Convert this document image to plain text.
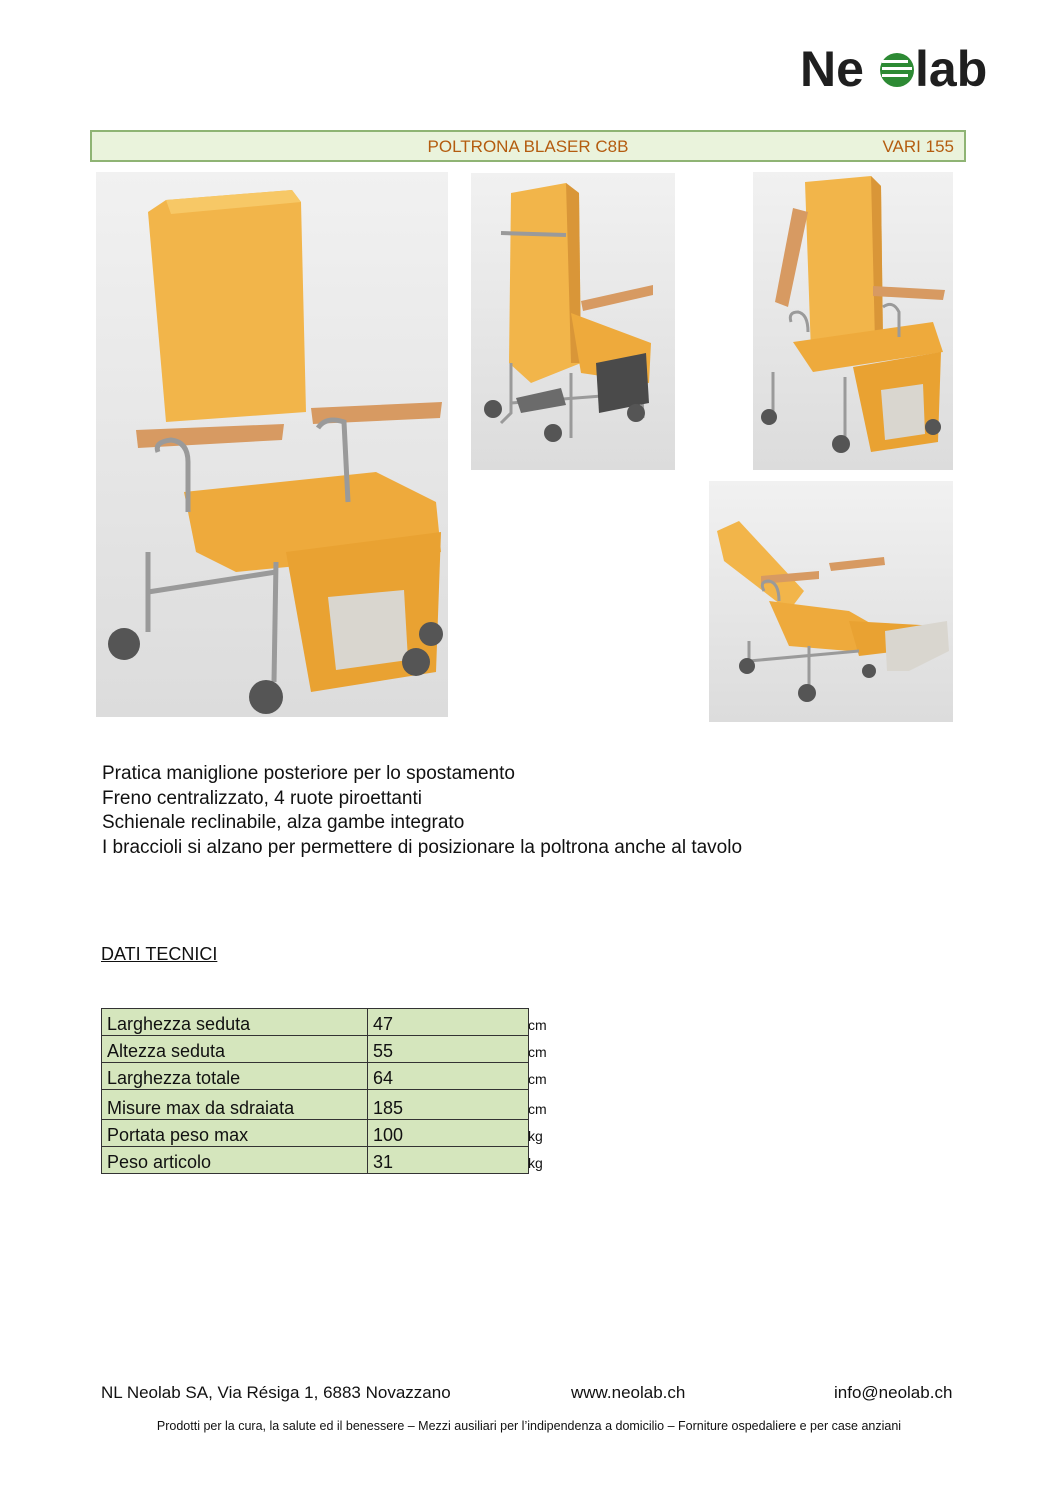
Ne lab
POLTRONA BLASER C8B	VARI 155
Pratica maniglione posteriore per lo spostamento
Freno centralizzato, 4 ruote piroettanti
Schienale reclinabile, alza gambe integrato
I braccioli si alzano per permettere di posizionare la poltrona anche al tavolo
DATI TECNICI
Larghezza seduta	47 cm

Altezza seduta	55 cm

Larghezza totale	64 cm

Misure max da sdraiata	185 cm

Portata peso max	100 kg

Peso articolo	31 kg
NL Neolab SA, Via Résiga 1, 6883 Novazzano	www.neolab.ch	info@neolab.ch
Prodotti per la cura, la salute ed il benessere – Mezzi ausiliari per l’indipendenza a domicilio – Forniture ospedaliere e per case anziani
